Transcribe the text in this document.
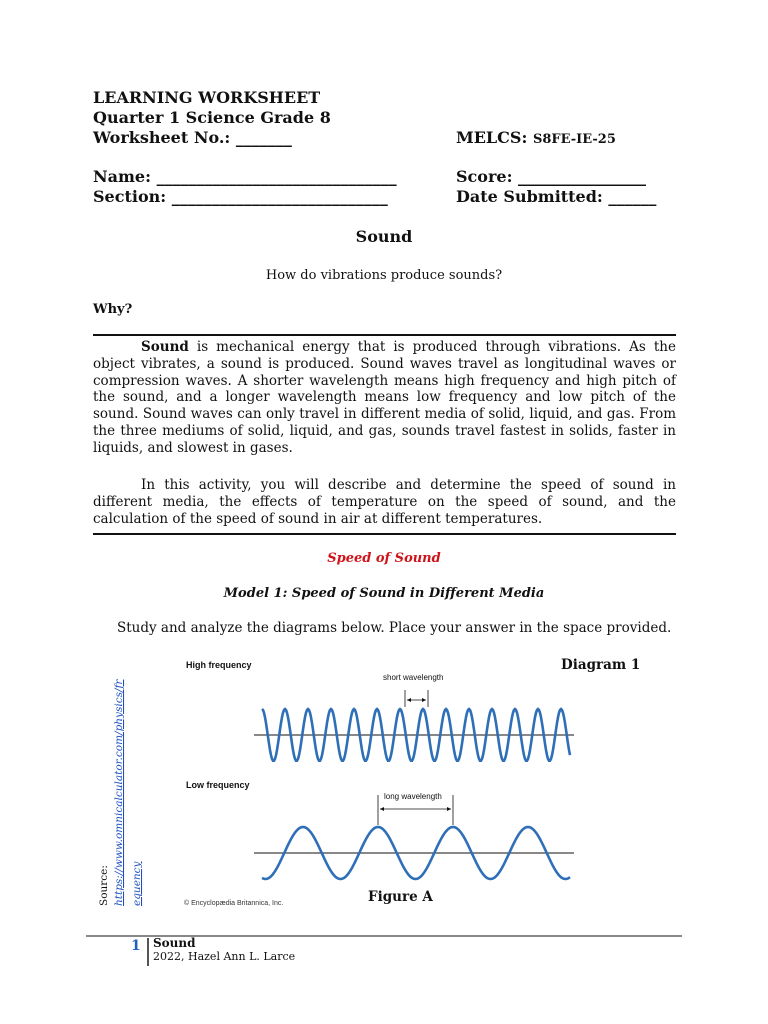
LEARNING WORKSHEET
Quarter 1 Science Grade 8
Worksheet No.: _______	MELCS: S8FE-IE-25
Name: ______________________________	Score: ________________
Section: ___________________________	Date Submitted: ______
Sound
How do vibrations produce sounds?
Why?
Sound is mechanical energy that is produced through vibrations. As the object vibrates, a sound is produced. Sound waves travel as longitudinal waves or compression waves. A shorter wavelength means high frequency and high pitch of the sound, and a longer wavelength means low frequency and low pitch of the sound. Sound waves can only travel in different media of solid, liquid, and gas. From the three mediums of solid, liquid, and gas, sounds travel fastest in solids, faster in liquids, and slowest in gases.
In this activity, you will describe and determine the speed of sound in different media, the effects of temperature on the speed of sound, and the calculation of the speed of sound in air at different temperatures.
Speed of Sound
Model 1: Speed of Sound in Different Media
Study and analyze the diagrams below. Place your answer in the space provided.
Source: https://www.omnicalculator.com/physics/fr equency
High frequency
short wavelength
Low frequency
long wavelength
© Encyclopædia Britannica, Inc.
Diagram 1
Figure A
1 Sound
2022, Hazel Ann L. Larce
